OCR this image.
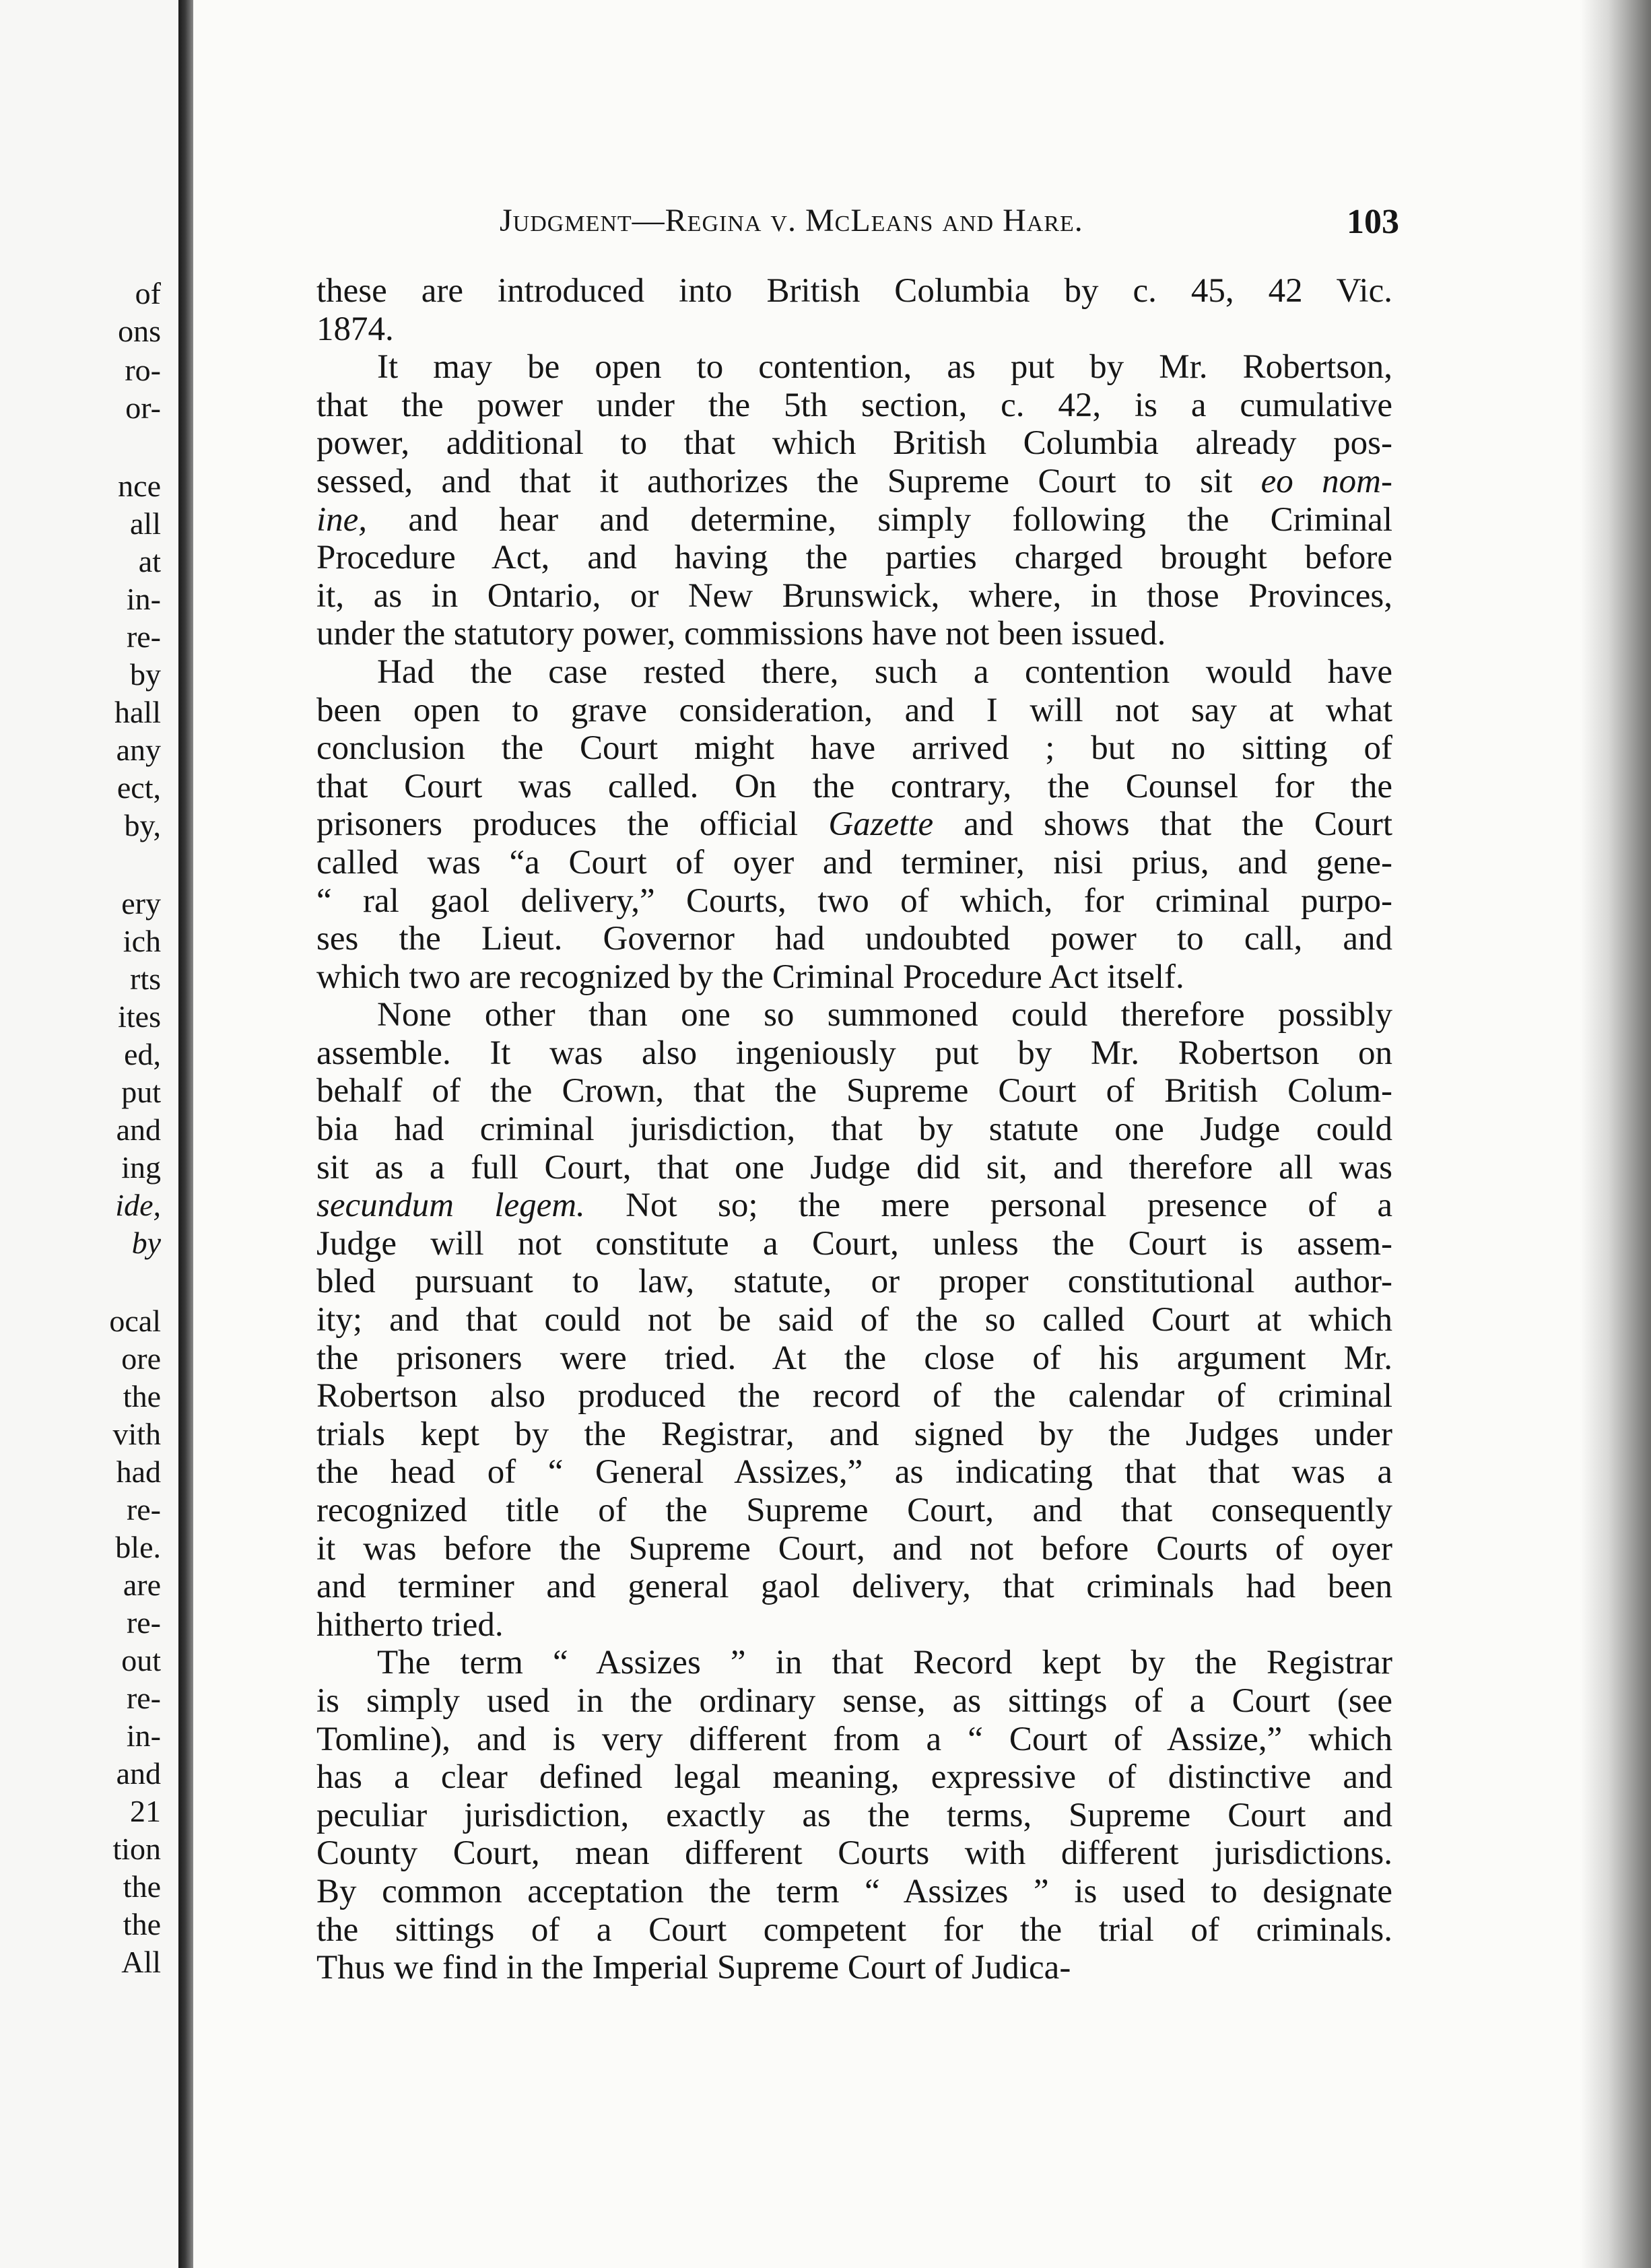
of

ons

ro-

or-

nce

all

at

in-

re-

by

hall

any

ect,

by,

ery

ich

rts

ites

ed,

put

and

ing

ide,

by

ocal

ore

the

vith

had

re-

ble.

are

re-

out

re-

in-

and

21

tion

the

the

All

Judgment—Regina v. McLeans and Hare.	103
these are introduced into British Columbia by c. 45, 42 Vic.
1874.
It may be open to contention, as put by Mr. Robertson,
that the power under the 5th section, c. 42, is a cumulative
power, additional to that which British Columbia already pos-
sessed, and that it authorizes the Supreme Court to sit eo nom-
ine, and hear and determine, simply following the Criminal
Procedure Act, and having the parties charged brought before
it, as in Ontario, or New Brunswick, where, in those Provinces,
under the statutory power, commissions have not been issued.
Had the case rested there, such a contention would have
been open to grave consideration, and I will not say at what
conclusion the Court might have arrived ; but no sitting of
that Court was called. On the contrary, the Counsel for the
prisoners produces the official Gazette and shows that the Court
called was “a Court of oyer and terminer, nisi prius, and gene-
“ ral gaol delivery,” Courts, two of which, for criminal purpo-
ses the Lieut. Governor had undoubted power to call, and
which two are recognized by the Criminal Procedure Act itself.
None other than one so summoned could therefore possibly
assemble. It was also ingeniously put by Mr. Robertson on
behalf of the Crown, that the Supreme Court of British Colum-
bia had criminal jurisdiction, that by statute one Judge could
sit as a full Court, that one Judge did sit, and therefore all was
secundum legem. Not so; the mere personal presence of a
Judge will not constitute a Court, unless the Court is assem-
bled pursuant to law, statute, or proper constitutional author-
ity; and that could not be said of the so called Court at which
the prisoners were tried. At the close of his argument Mr.
Robertson also produced the record of the calendar of criminal
trials kept by the Registrar, and signed by the Judges under
the head of “ General Assizes,” as indicating that that was a
recognized title of the Supreme Court, and that consequently
it was before the Supreme Court, and not before Courts of oyer
and terminer and general gaol delivery, that criminals had been
hitherto tried.
The term “ Assizes ” in that Record kept by the Registrar
is simply used in the ordinary sense, as sittings of a Court (see
Tomline), and is very different from a “ Court of Assize,” which
has a clear defined legal meaning, expressive of distinctive and
peculiar jurisdiction, exactly as the terms, Supreme Court and
County Court, mean different Courts with different jurisdictions.
By common acceptation the term “ Assizes ” is used to designate
the sittings of a Court competent for the trial of criminals.
Thus we find in the Imperial Supreme Court of Judica-
